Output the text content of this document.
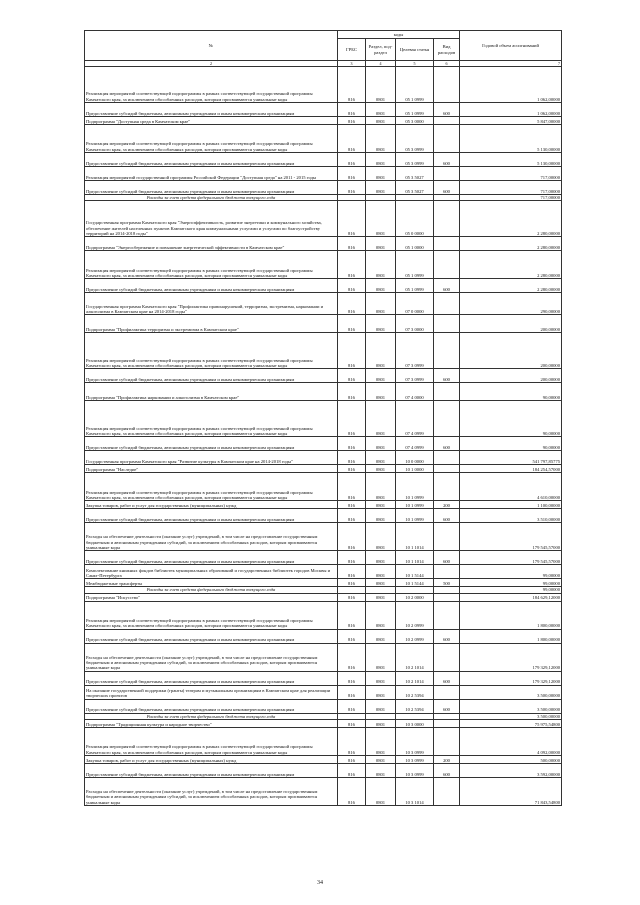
№	коды				Годовой объем ассигнований
	ГРБС	Раздел, под-раздел	Целевая статья	Вид расходов	
2	3	4	5	6	7
Реализация мероприятий соответствующей подпрограммы в рамках соответствующей государственной программы Камчатского края, за исключением обособленных расходов, которым присваиваются уникальные коды	816	0801	05 1 0999		1 062,00000
Предоставление субсидий бюджетным, автономным учреждениям и иным некоммерческим организациям	816	0801	05 1 0999	600	1 062,00000
Подпрограмма "Доступная среда в Камчатском крае"	816	0801	05 3 0000		5 847,00000
Реализация мероприятий соответствующей подпрограммы в рамках соответствующей государственной программы Камчатского края, за исключением обособленных расходов, которым присваиваются уникальные коды	816	0801	05 3 0999		5 130,00000
Предоставление субсидий бюджетным, автономным учреждениям и иным некоммерческим организациям	816	0801	05 3 0999	600	5 130,00000
Реализация мероприятий государственной программы Российской Федерации "Доступная среда" на 2011 - 2015 годы	816	0801	05 3 5027		717,00000
Предоставление субсидий бюджетным, автономным учреждениям и иным некоммерческим организациям	816	0801	05 3 5027	600	717,00000
Расходы за счет средств федерального бюджета текущего года					717,00000
Государственная программа Камчатского края "Энергоэффективность, развитие энергетики и коммунального хозяйства, обеспечение жителей населенных пунктов Камчатского края коммунальными услугами и услугами по благоустройству территорий на 2014-2018 годы"	816	0801	05 0 0000		2 280,00000
Подпрограмма "Энергосбережение и повышение энергетической эффективности в Камчатском крае"	816	0801	05 1 0000		2 280,00000
Реализация мероприятий соответствующей подпрограммы в рамках соответствующей государственной программы Камчатского края, за исключением обособленных расходов, которым присваиваются уникальные коды	816	0801	05 1 0999		2 280,00000
Предоставление субсидий бюджетным, автономным учреждениям и иным некоммерческим организациям	816	0801	05 1 0999	600	2 280,00000
Государственная программа Камчатского края "Профилактика правонарушений, терроризма, экстремизма, наркомании и алкоголизма в Камчатском крае на 2014-2018 годы"	816	0801	07 0 0000		290,00000
Подпрограмма "Профилактика терроризма и экстремизма в Камчатском крае"	816	0801	07 3 0000		200,00000
Реализация мероприятий соответствующей подпрограммы в рамках соответствующей государственной программы Камчатского края, за исключением обособленных расходов, которым присваиваются уникальные коды	816	0801	07 3 0999		200,00000
Предоставление субсидий бюджетным, автономным учреждениям и иным некоммерческим организациям	816	0801	07 3 0999	600	200,00000
Подпрограмма "Профилактика наркомании и алкоголизма в Камчатском крае"	816	0801	07 4 0000		90,00000
Реализация мероприятий соответствующей подпрограммы в рамках соответствующей государственной программы Камчатского края, за исключением обособленных расходов, которым присваиваются уникальные коды	816	0801	07 4 0999		90,00000
Предоставление субсидий бюджетным, автономным учреждениям и иным некоммерческим организациям	816	0801	07 4 0999	600	90,00000
Государственная программа Камчатского края "Развитие культуры в Камчатском крае на 2014-2018 годы"	816	0801	10 0 0000		541 797,85775
Подпрограмма "Наследие"	816	0801	10 1 0000		184 254,57000
Реализация мероприятий соответствующей подпрограммы в рамках соответствующей государственной программы Камчатского края, за исключением обособленных расходов, которым присваиваются уникальные коды	816	0801	10 1 0999		4 610,00000
Закупка товаров, работ и услуг для государственных (муниципальных) нужд	816	0801	10 1 0999	200	1 100,00000
Предоставление субсидий бюджетным, автономным учреждениям и иным некоммерческим организациям	816	0801	10 1 0999	600	3 510,00000
Расходы на обеспечение деятельности (оказание услуг) учреждений, в том числе на предоставление государственным бюджетным и автономным учреждениям субсидий, за исключением обособленных расходов, которым присваиваются уникальные коды	816	0801	10 1 1014		179 545,57000
Предоставление субсидий бюджетным, автономным учреждениям и иным некоммерческим организациям	816	0801	10 1 1014	600	179 545,57000
Комплектование книжных фондов библиотек муниципальных образований и государственных библиотек городов Москвы и Санкт-Петербурга	816	0801	10 1 5144		99,00000
Межбюджетные трансферты	816	0801	10 1 5144	500	99,00000
Расходы за счет средств федерального бюджета текущего года					99,00000
Подпрограмма "Искусство"	816	0801	10 2 0000		184 629,12000
Реализация мероприятий соответствующей подпрограммы в рамках соответствующей государственной программы Камчатского края, за исключением обособленных расходов, которым присваиваются уникальные коды	816	0801	10 2 0999		1 800,00000
Предоставление субсидий бюджетным, автономным учреждениям и иным некоммерческим организациям	816	0801	10 2 0999	600	1 800,00000
Расходы на обеспечение деятельности (оказание услуг) учреждений, в том числе на предоставление государственным бюджетным и автономным учреждениям субсидий, за исключением обособленных расходов, которым присваиваются уникальные коды	816	0801	10 2 1014		179 329,12000
Предоставление субсидий бюджетным, автономным учреждениям и иным некоммерческим организациям	816	0801	10 2 1014	600	179 329,12000
На оказание государственной поддержки (гранты) театрам и музыкальным организациям в Камчатском крае для реализации творческих проектов	816	0801	10 2 5394		3 500,00000
Предоставление субсидий бюджетным, автономным учреждениям и иным некоммерческим организациям	816	0801	10 2 5394	600	3 500,00000
Расходы за счет средств федерального бюджета текущего года					3 500,00000
Подпрограмма "Традиционная культура и народное творчество"	816	0801	10 3 0000		75 975,54800
Реализация мероприятий соответствующей подпрограммы в рамках соответствующей государственной программы Камчатского края, за исключением обособленных расходов, которым присваиваются уникальные коды	816	0801	10 3 0999		4 092,00000
Закупка товаров, работ и услуг для государственных (муниципальных) нужд	816	0801	10 3 0999	200	500,00000
Предоставление субсидий бюджетным, автономным учреждениям и иным некоммерческим организациям	816	0801	10 3 0999	600	3 592,00000
Расходы на обеспечение деятельности (оказание услуг) учреждений, в том числе на предоставление государственным бюджетным и автономным учреждениям субсидий, за исключением обособленных расходов, которым присваиваются уникальные коды	816	0801	10 3 1014		71 843,54800
34
